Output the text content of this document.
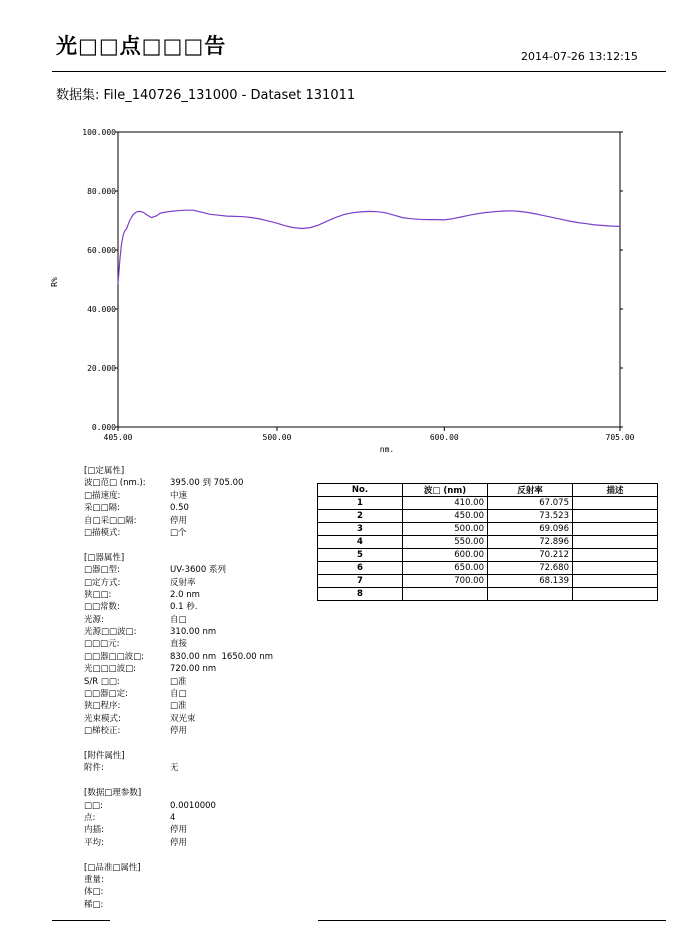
光□□点□□□告	2014-07-26 13:12:15
数据集: File_140726_131000 - Dataset 131011
0.000
20.000
40.000
60.000
80.000
100.000
405.00	500.00	600.00	705.00
nm.
R%
[□定属性]
波□范□ (nm.):	395.00 到 705.00
□描速度:	中速
采□□隔:	0.50
自□采□□隔:	停用
□描模式:	□个
[□器属性]
□器□型:	UV-3600 系列
□定方式:	反射率
狭□□:	2.0 nm
□□常数:	0.1 秒.
光源:	自□
光源□□波□:	310.00 nm
□□□元:	直接
□□器□□波□:	830.00 nm  1650.00 nm
光□□□波□:	720.00 nm
S/R □□:	□准
□□器□定:	自□
狭□程序:	□准
光束模式:	双光束
□梯校正:	停用
[附件属性]
附件:	无
[数据□理参数]
□□:	0.0010000
点:	4
内插:	停用
平均:	停用
[□品准□属性]
重量:
体□:
稀□:
No.	波□ (nm)	反射率	描述
1	410.00	67.075	
2	450.00	73.523	
3	500.00	69.096	
4	550.00	72.896	
5	600.00	70.212	
6	650.00	72.680	
7	700.00	68.139	
8			
